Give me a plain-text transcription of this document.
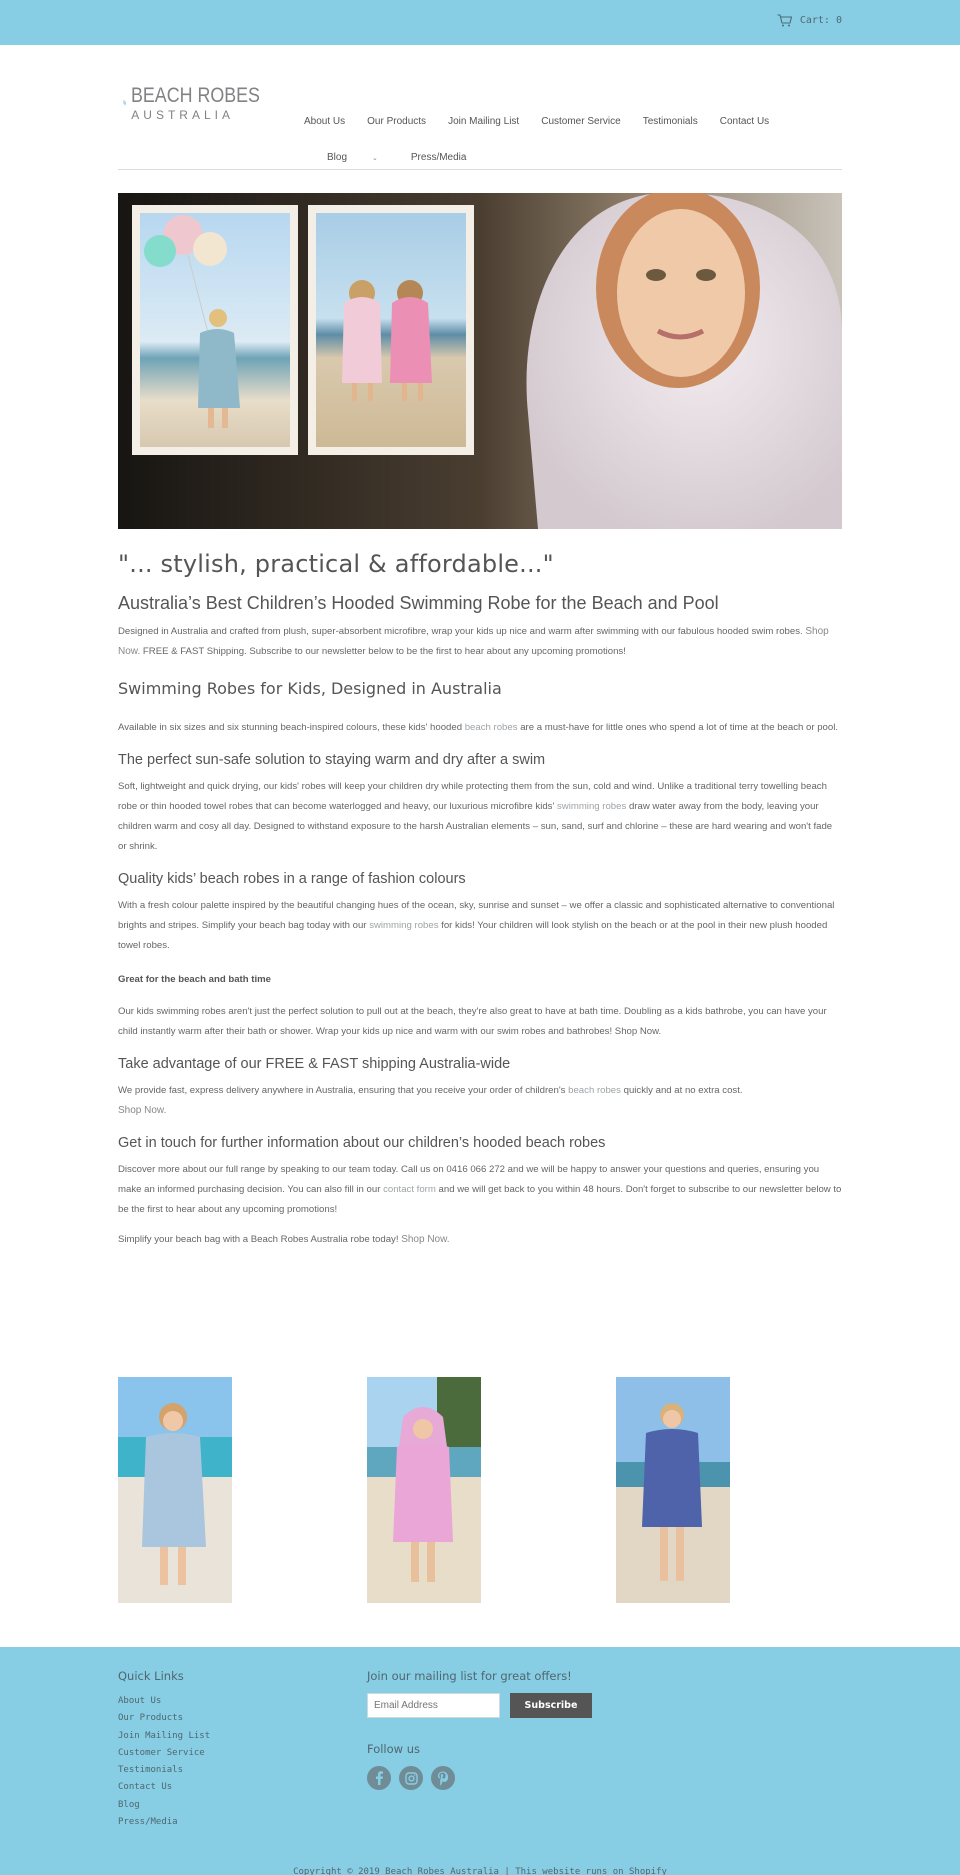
Cart: 0
BEACH ROBES
AUSTRALIA	About Us	Our Products	Join Mailing List	Customer Service	Testimonials	Contact Us
Blog	⌄	Press/Media
"... stylish, practical & affordable..."
Australia’s Best Children’s Hooded Swimming Robe for the Beach and Pool

Designed in Australia and crafted from plush, super-absorbent microfibre, wrap your kids up nice and warm after swimming with our fabulous hooded swim robes. Shop Now. FREE & FAST Shipping. Subscribe to our newsletter below to be the first to hear about any upcoming promotions!

Swimming Robes for Kids, Designed in Australia

Available in six sizes and six stunning beach-inspired colours, these kids' hooded beach robes are a must-have for little ones who spend a lot of time at the beach or pool.

The perfect sun-safe solution to staying warm and dry after a swim

Soft, lightweight and quick drying, our kids' robes will keep your children dry while protecting them from the sun, cold and wind. Unlike a traditional terry towelling beach robe or thin hooded towel robes that can become waterlogged and heavy, our luxurious microfibre kids' swimming robes draw water away from the body, leaving your children warm and cosy all day. Designed to withstand exposure to the harsh Australian elements – sun, sand, surf and chlorine – these are hard wearing and won't fade or shrink.

Quality kids’ beach robes in a range of fashion colours

With a fresh colour palette inspired by the beautiful changing hues of the ocean, sky, sunrise and sunset – we offer a classic and sophisticated alternative to conventional brights and stripes. Simplify your beach bag today with our swimming robes for kids! Your children will look stylish on the beach or at the pool in their new plush hooded towel robes.

Great for the beach and bath time

Our kids swimming robes aren't just the perfect solution to pull out at the beach, they're also great to have at bath time. Doubling as a kids bathrobe, you can have your child instantly warm after their bath or shower. Wrap your kids up nice and warm with our swim robes and bathrobes! Shop Now.

Take advantage of our FREE & FAST shipping Australia-wide

We provide fast, express delivery anywhere in Australia, ensuring that you receive your order of children's beach robes quickly and at no extra cost.
Shop Now.

Get in touch for further information about our children’s hooded beach robes

Discover more about our full range by speaking to our team today. Call us on 0416 066 272 and we will be happy to answer your questions and queries, ensuring you make an informed purchasing decision. You can also fill in our contact form and we will get back to you within 48 hours. Don't forget to subscribe to our newsletter below to be the first to hear about any upcoming promotions!

Simplify your beach bag with a Beach Robes Australia robe today! Shop Now.

Quick Links
About Us
Our Products
Join Mailing List
Customer Service
Testimonials
Contact Us
Blog
Press/Media
Join our mailing list for great offers!
Email Address
Subscribe
Follow us
Copyright © 2019 Beach Robes Australia | This website runs on Shopify
